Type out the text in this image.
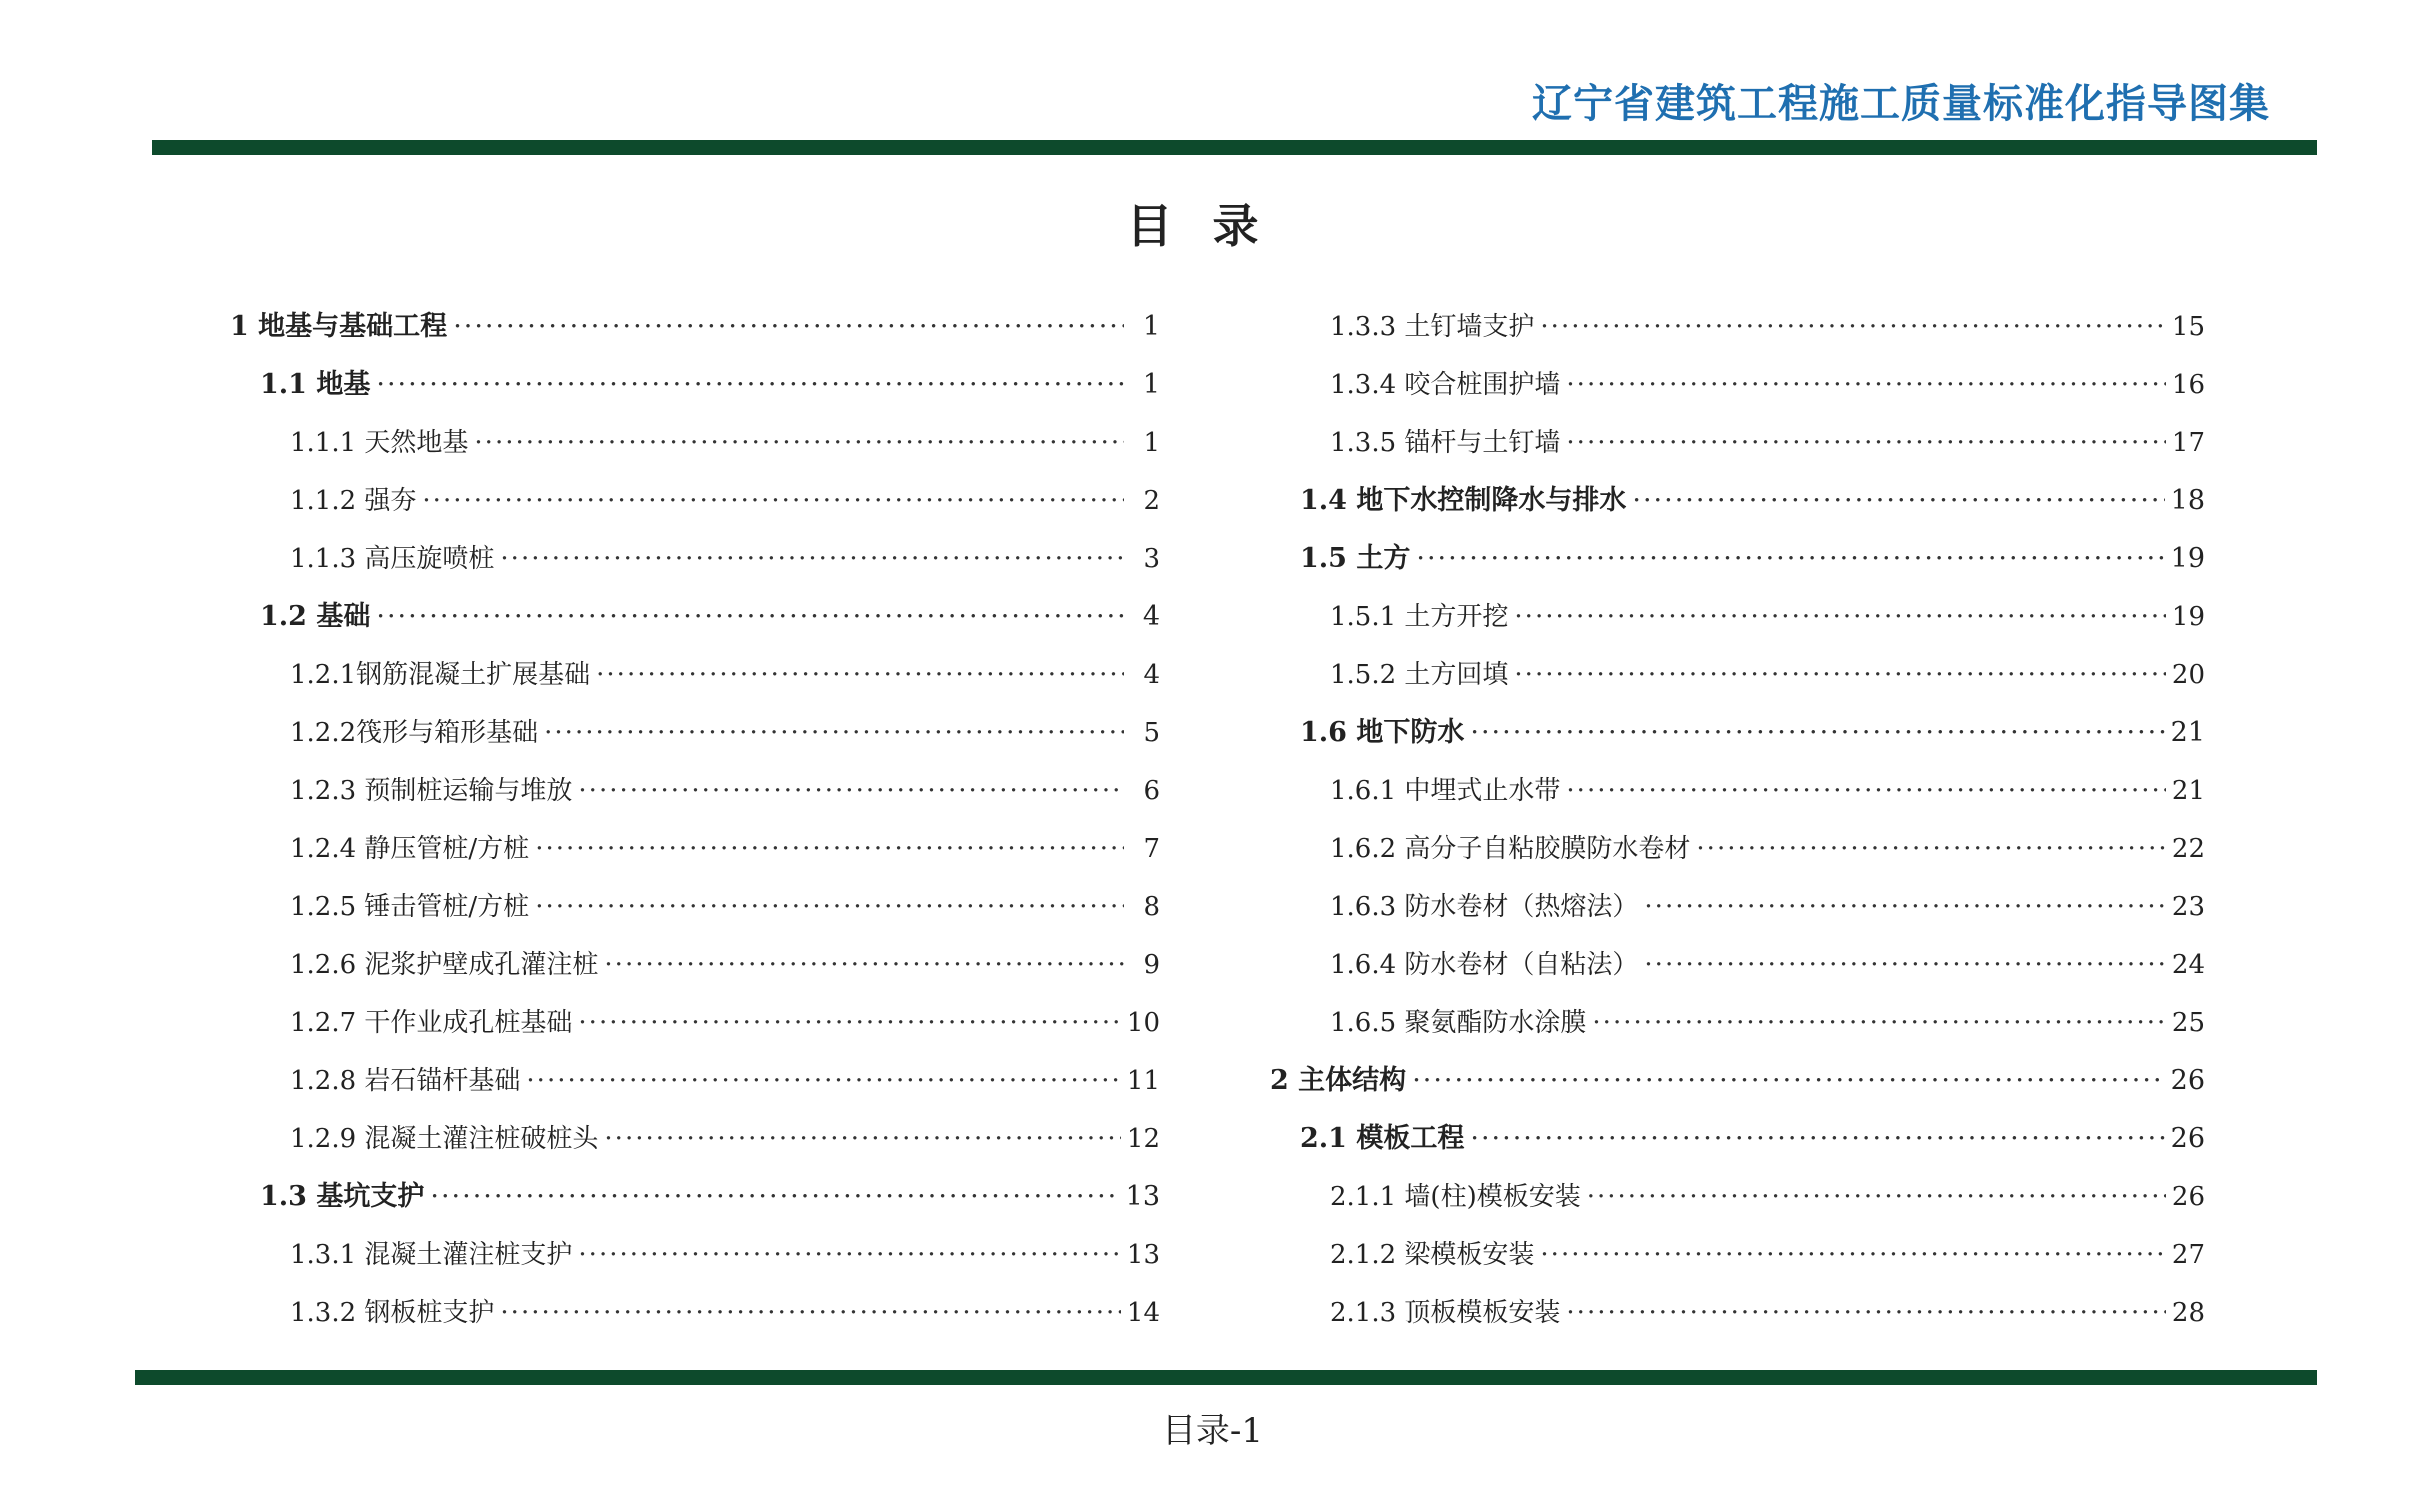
辽宁省建筑工程施工质量标准化指导图集
目录
1 地基与基础工程 ·····	1
1.1 地基 ·····	1
1.1.1 天然地基 ·····	1
1.1.2 强夯 ·····	2
1.1.3 高压旋喷桩 ·····	3
1.2 基础 ·····	4
1.2.1钢筋混凝土扩展基础 ·····	4
1.2.2筏形与箱形基础 ·····	5
1.2.3 预制桩运输与堆放 ·····	6
1.2.4 静压管桩/方桩 ·····	7
1.2.5 锤击管桩/方桩 ·····	8
1.2.6 泥浆护壁成孔灌注桩 ·····	9
1.2.7 干作业成孔桩基础 ·····	10
1.2.8 岩石锚杆基础 ·····	11
1.2.9 混凝土灌注桩破桩头 ·····	12
1.3 基坑支护 ·····	13
1.3.1 混凝土灌注桩支护 ·····	13
1.3.2 钢板桩支护 ·····	14
1.3.3 土钉墙支护 ·····	15
1.3.4 咬合桩围护墙 ·····	16
1.3.5 锚杆与土钉墙 ·····	17
1.4 地下水控制降水与排水 ·····	18
1.5 土方 ·····	19
1.5.1 土方开挖 ·····	19
1.5.2 土方回填 ·····	20
1.6 地下防水 ·····	21
1.6.1 中埋式止水带 ·····	21
1.6.2 高分子自粘胶膜防水卷材 ·····	22
1.6.3 防水卷材（热熔法） ·····	23
1.6.4 防水卷材（自粘法） ·····	24
1.6.5 聚氨酯防水涂膜 ·····	25
2 主体结构 ·····	26
2.1 模板工程 ·····	26
2.1.1 墙(柱)模板安装 ·····	26
2.1.2 梁模板安装 ·····	27
2.1.3 顶板模板安装 ·····	28
目录-1
